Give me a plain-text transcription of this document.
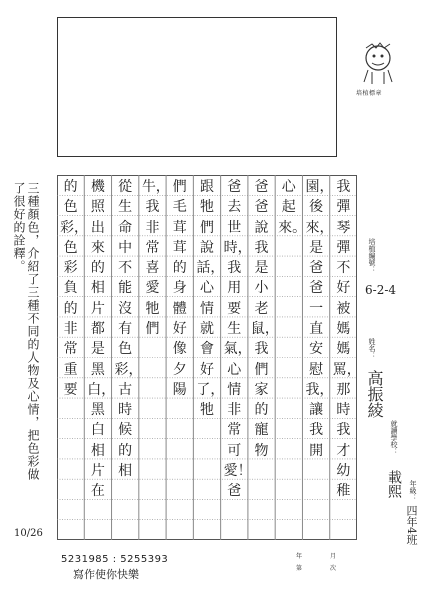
培植標章
我彈琴彈不好被媽媽罵，那時我才幼稚
園，後來，是爸爸一直安慰我，讓我開
心起來。
爸爸說我是小老鼠，我們家的寵物
爸去世時，我用要生氣，心情非常可愛！爸
跟牠們說話，心情就會好了，牠
們毛茸茸的身體好像夕陽
牛，我非常喜愛牠們
從生命中不能沒有色彩，古時候的相
機照出來的相片都是黑白，黑白相片在
的色彩，色彩負的非常重要
三種顏色，介紹了三種不同的人物及心情，把色彩做了很好的詮釋。
10/26
培植編號：
6-2-4
姓名：
高振綾
就讀學校：
載熙 年級：
四年4班
5231985 : 5255393
寫作使你快樂
年
第
月
次
